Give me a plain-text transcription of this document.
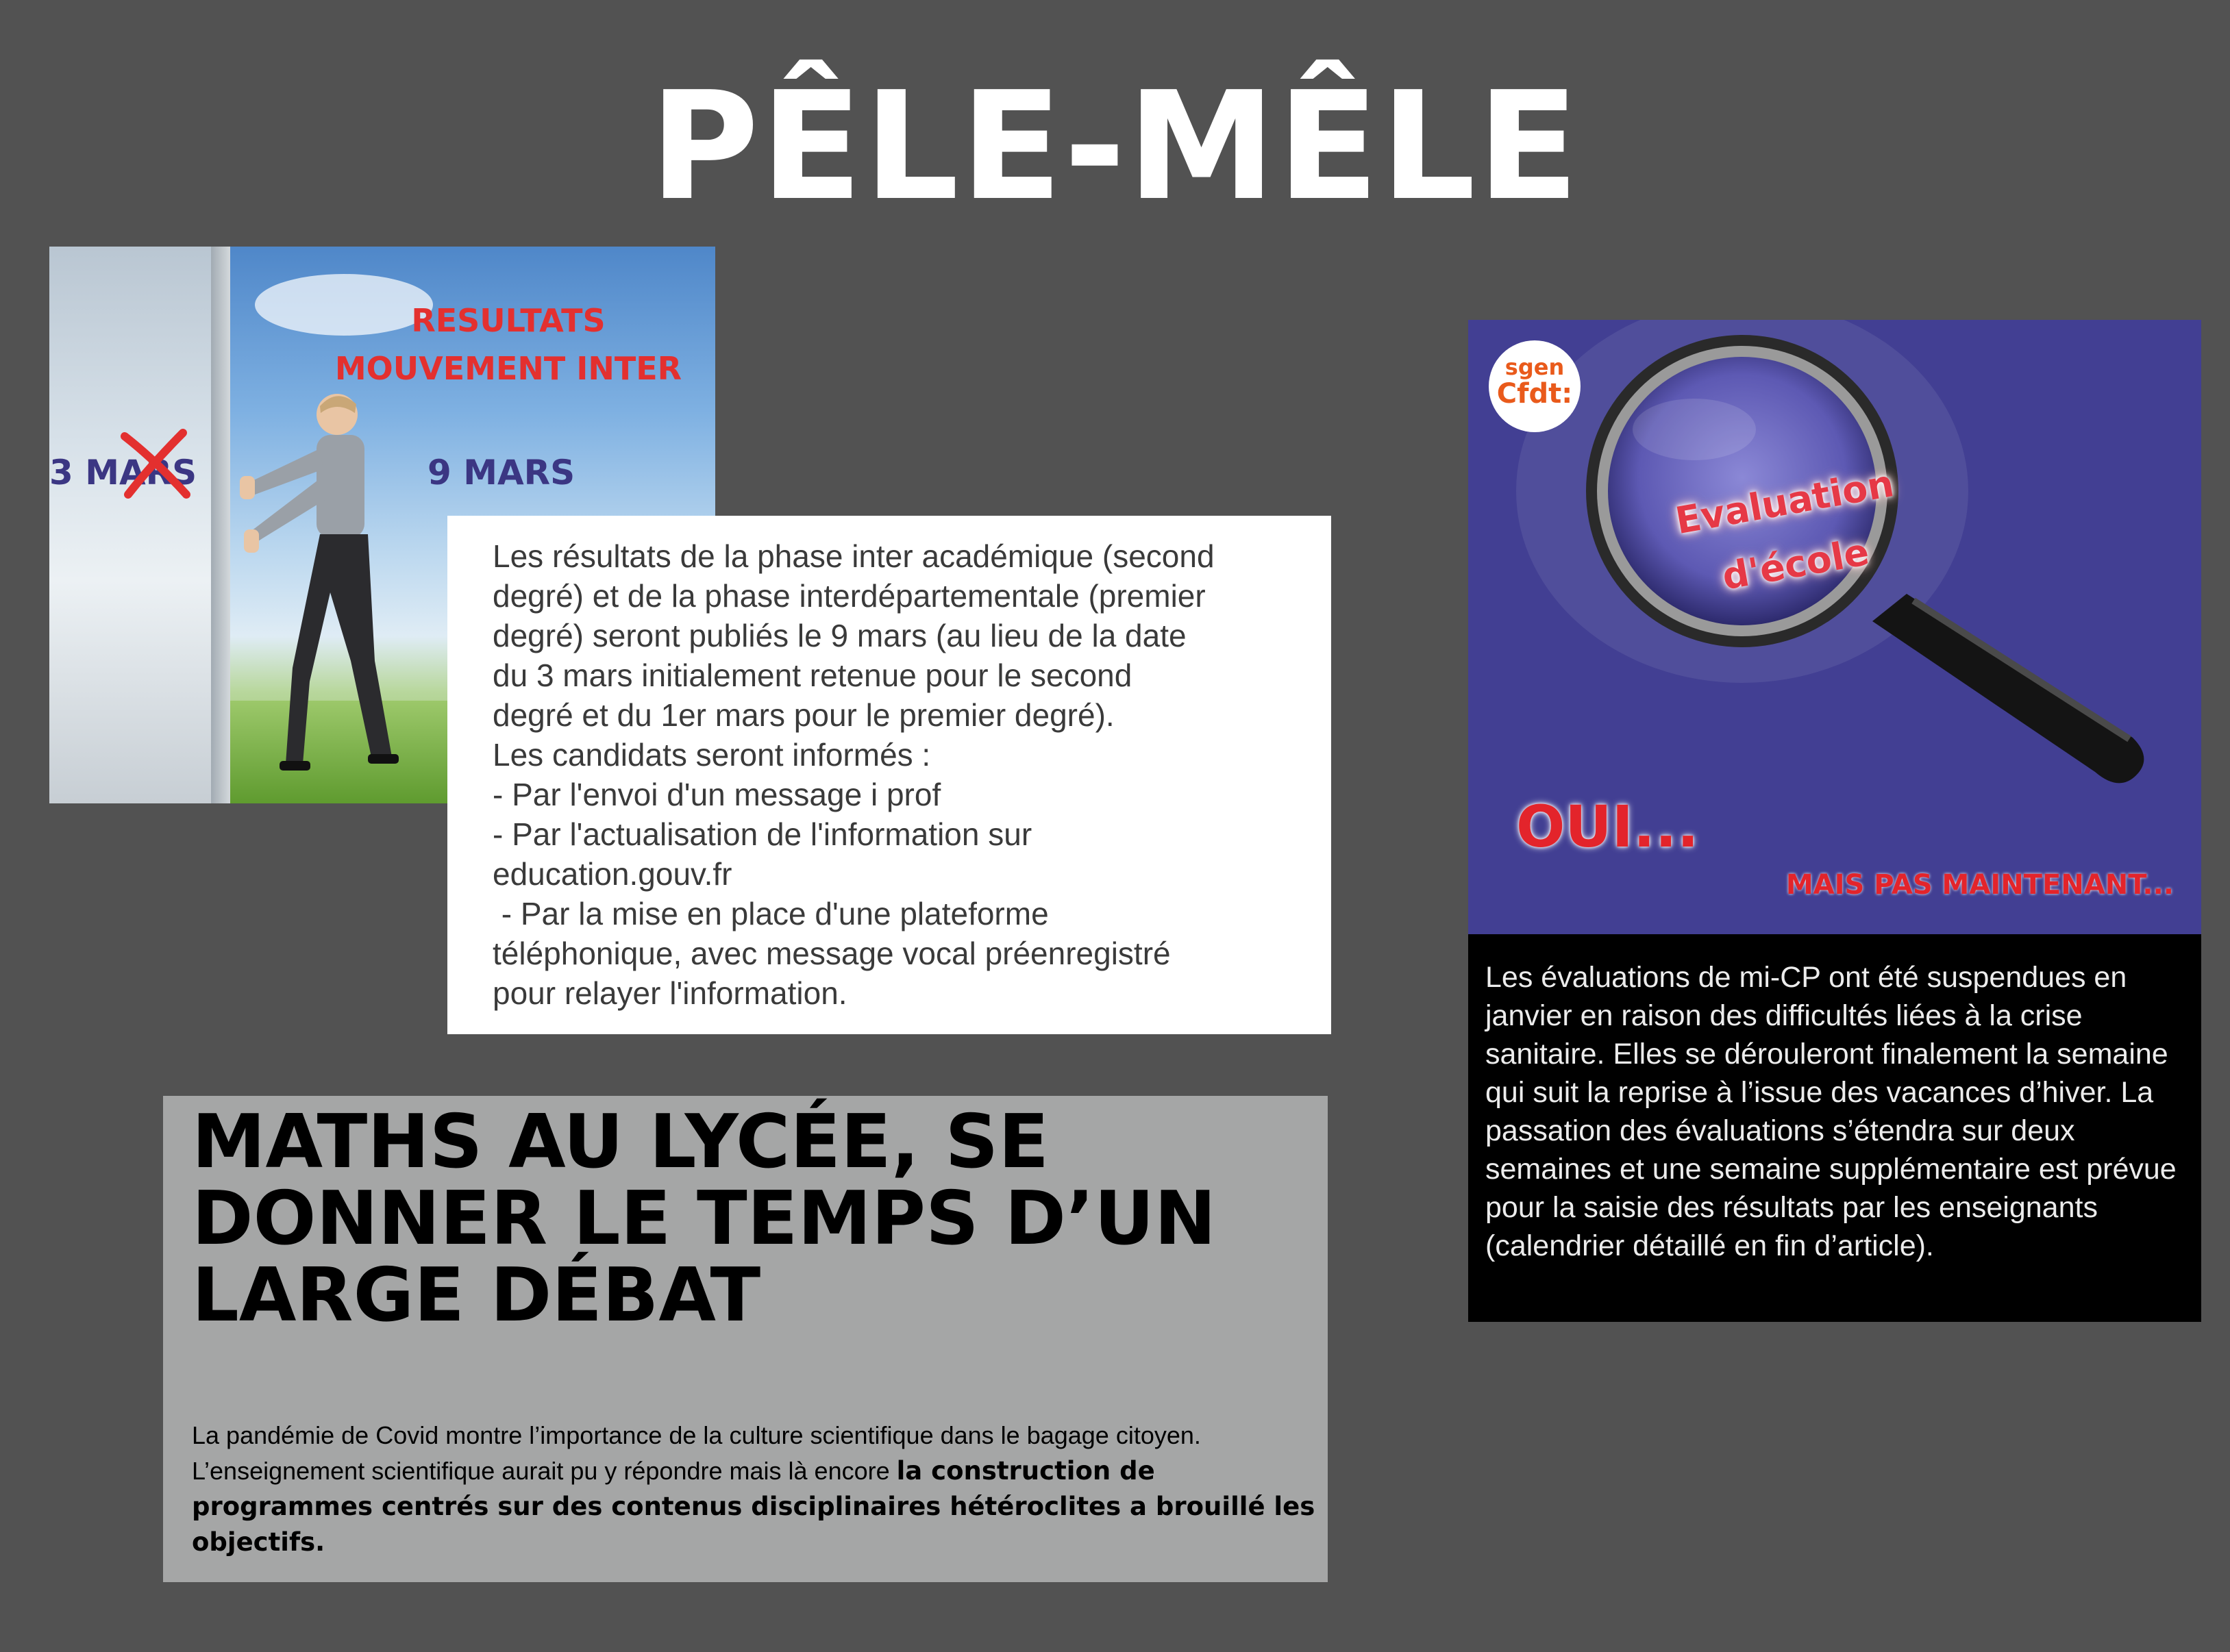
PÊLE-MÊLE
RESULTATS
MOUVEMENT INTER
3 MARS	9 MARS
Les résultats de la phase inter académique (second
degré) et de la phase interdépartementale (premier
degré) seront publiés le 9 mars (au lieu de la date
du 3 mars initialement retenue pour le second
degré et du 1er mars pour le premier degré).
Les candidats seront informés :
- Par l'envoi d'un message i prof
- Par l'actualisation de l'information sur
education.gouv.fr
- Par la mise en place d'une plateforme
téléphonique, avec message vocal préenregistré
pour relayer l'information.
MATHS AU LYCÉE, SE DONNER LE TEMPS D’UN LARGE DÉBAT
La pandémie de Covid montre l’importance de la culture scientifique dans le bagage citoyen. L’enseignement scientifique aurait pu y répondre mais là encore la construction de programmes centrés sur des contenus disciplinaires hétéroclites a brouillé les objectifs.
sgen
Cfdt:
Evaluation
d'école
OUI...
MAIS PAS MAINTENANT...
Les évaluations de mi-CP ont été suspendues en janvier en raison des difficultés liées à la crise sanitaire. Elles se dérouleront finalement la semaine qui suit la reprise à l’issue des vacances d’hiver. La passation des évaluations s’étendra sur deux semaines et une semaine supplémentaire est prévue pour la saisie des résultats par les enseignants (calendrier détaillé en fin d’article).
